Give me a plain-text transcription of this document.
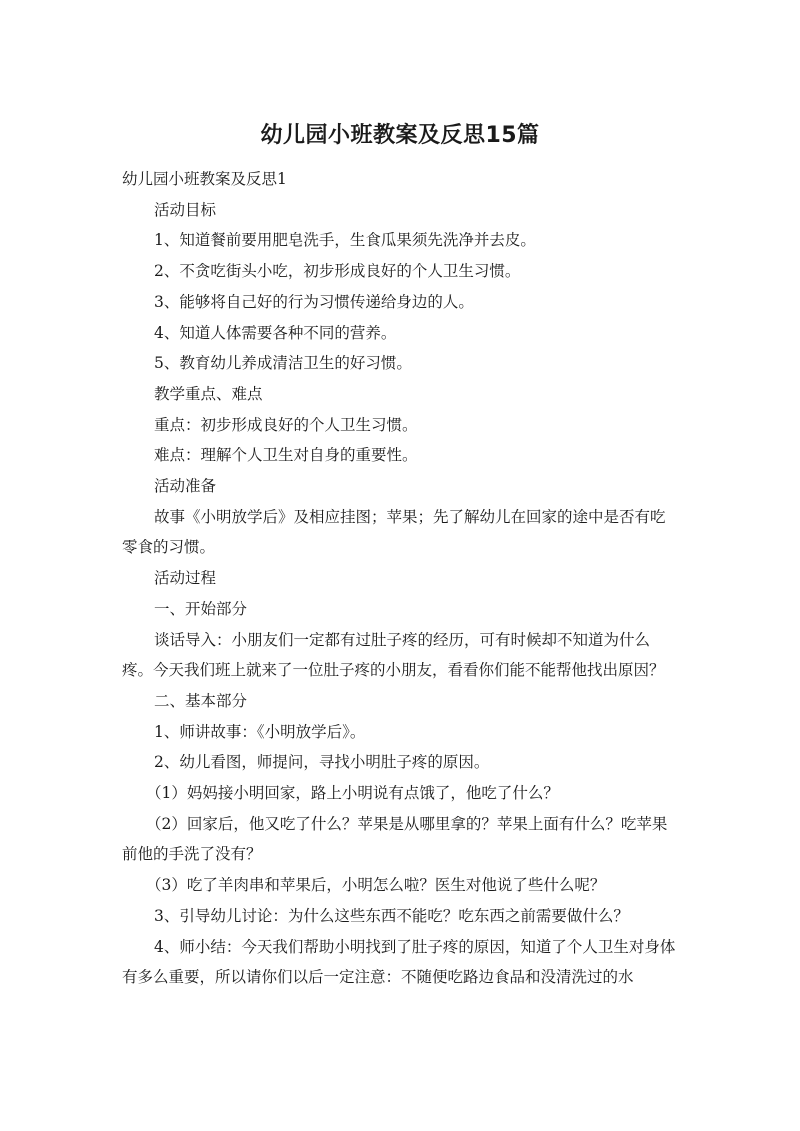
幼儿园小班教案及反思15篇

幼儿园小班教案及反思1

活动目标

1、知道餐前要用肥皂洗手，生食瓜果须先洗净并去皮。

2、不贪吃街头小吃，初步形成良好的个人卫生习惯。

3、能够将自己好的行为习惯传递给身边的人。

4、知道人体需要各种不同的营养。

5、教育幼儿养成清洁卫生的好习惯。

教学重点、难点

重点：初步形成良好的个人卫生习惯。

难点：理解个人卫生对自身的重要性。

活动准备

故事《小明放学后》及相应挂图；苹果；先了解幼儿在回家的途中是否有吃零食的习惯。

活动过程

一、开始部分

谈话导入：小朋友们一定都有过肚子疼的经历，可有时候却不知道为什么疼。今天我们班上就来了一位肚子疼的小朋友，看看你们能不能帮他找出原因？

二、基本部分

1、师讲故事：《小明放学后》。

2、幼儿看图，师提问，寻找小明肚子疼的原因。

（1）妈妈接小明回家，路上小明说有点饿了，他吃了什么？

（2）回家后，他又吃了什么？苹果是从哪里拿的？苹果上面有什么？吃苹果前他的手洗了没有？

（3）吃了羊肉串和苹果后，小明怎么啦？医生对他说了些什么呢？

3、引导幼儿讨论：为什么这些东西不能吃？吃东西之前需要做什么？

4、师小结：今天我们帮助小明找到了肚子疼的原因，知道了个人卫生对身体有多么重要，所以请你们以后一定注意：不随便吃路边食品和没清洗过的水
